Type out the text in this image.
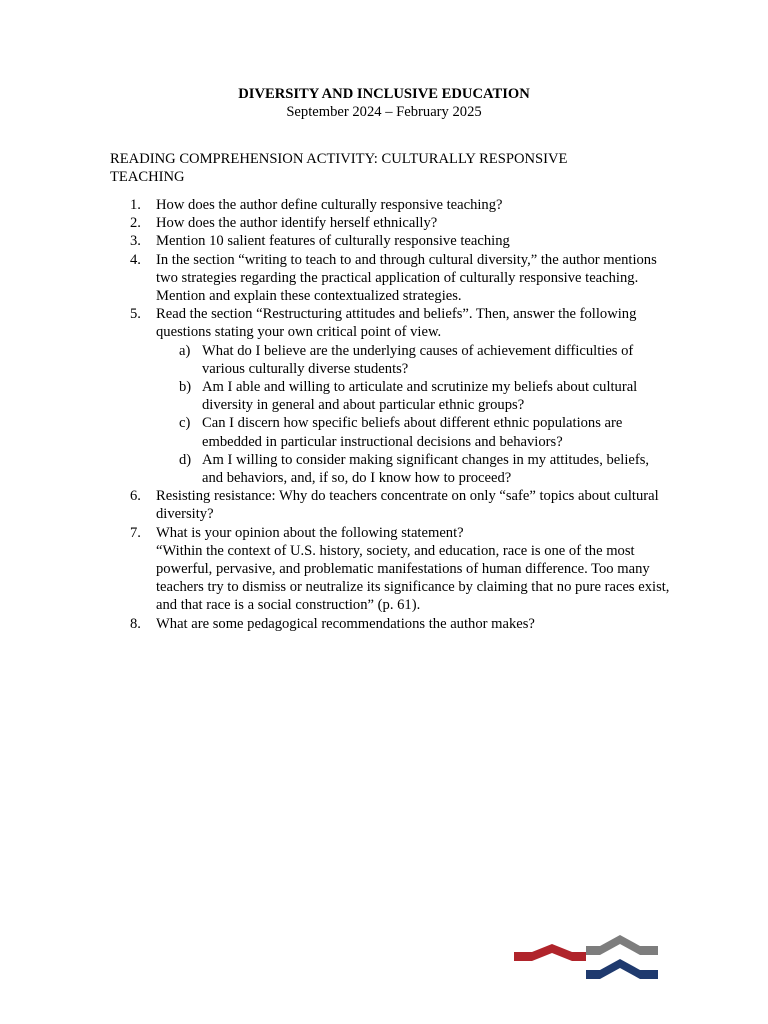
DIVERSITY AND INCLUSIVE EDUCATION
September 2024 – February 2025
READING COMPREHENSION ACTIVITY: CULTURALLY RESPONSIVE TEACHING
1. How does the author define culturally responsive teaching?
2. How does the author identify herself ethnically?
3. Mention 10 salient features of culturally responsive teaching
4. In the section “writing to teach to and through cultural diversity,” the author mentions two strategies regarding the practical application of culturally responsive teaching. Mention and explain these contextualized strategies.
5. Read the section “Restructuring attitudes and beliefs”. Then, answer the following questions stating your own critical point of view.
a) What do I believe are the underlying causes of achievement difficulties of various culturally diverse students?
b) Am I able and willing to articulate and scrutinize my beliefs about cultural diversity in general and about particular ethnic groups?
c) Can I discern how specific beliefs about different ethnic populations are embedded in particular instructional decisions and behaviors?
d) Am I willing to consider making significant changes in my attitudes, beliefs, and behaviors, and, if so, do I know how to proceed?
6. Resisting resistance: Why do teachers concentrate on only “safe” topics about cultural diversity?
7. What is your opinion about the following statement?
“Within the context of U.S. history, society, and education, race is one of the most powerful, pervasive, and problematic manifestations of human difference. Too many teachers try to dismiss or neutralize its significance by claiming that no pure races exist, and that race is a social construction” (p. 61).
8. What are some pedagogical recommendations the author makes?
